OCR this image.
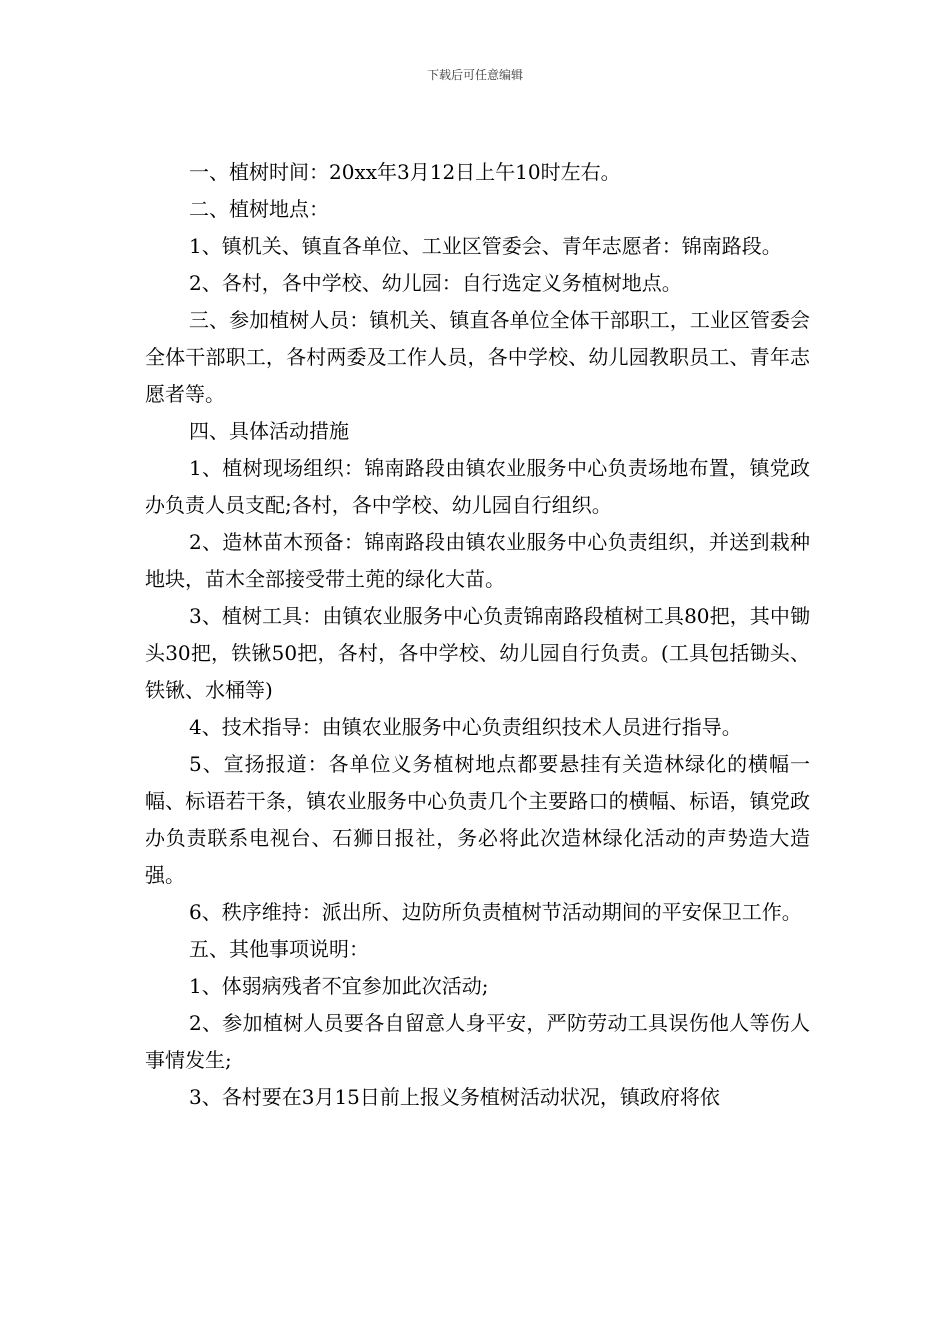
下载后可任意编辑

一、植树时间：20xx年3月12日上午10时左右。

二、植树地点：

1、镇机关、镇直各单位、工业区管委会、青年志愿者：锦南路段。

2、各村，各中学校、幼儿园：自行选定义务植树地点。

三、参加植树人员：镇机关、镇直各单位全体干部职工，工业区管委会全体干部职工，各村两委及工作人员，各中学校、幼儿园教职员工、青年志愿者等。

四、具体活动措施

1、植树现场组织：锦南路段由镇农业服务中心负责场地布置，镇党政办负责人员支配;各村，各中学校、幼儿园自行组织。

2、造林苗木预备：锦南路段由镇农业服务中心负责组织，并送到栽种地块，苗木全部接受带土蔸的绿化大苗。

3、植树工具：由镇农业服务中心负责锦南路段植树工具80把，其中锄头30把，铁锹50把，各村，各中学校、幼儿园自行负责。(工具包括锄头、铁锹、水桶等)

4、技术指导：由镇农业服务中心负责组织技术人员进行指导。

5、宣扬报道：各单位义务植树地点都要悬挂有关造林绿化的横幅一幅、标语若干条，镇农业服务中心负责几个主要路口的横幅、标语，镇党政办负责联系电视台、石狮日报社，务必将此次造林绿化活动的声势造大造强。

6、秩序维持：派出所、边防所负责植树节活动期间的平安保卫工作。

五、其他事项说明：

1、体弱病残者不宜参加此次活动;

2、参加植树人员要各自留意人身平安，严防劳动工具误伤他人等伤人事情发生;

3、各村要在3月15日前上报义务植树活动状况，镇政府将依
